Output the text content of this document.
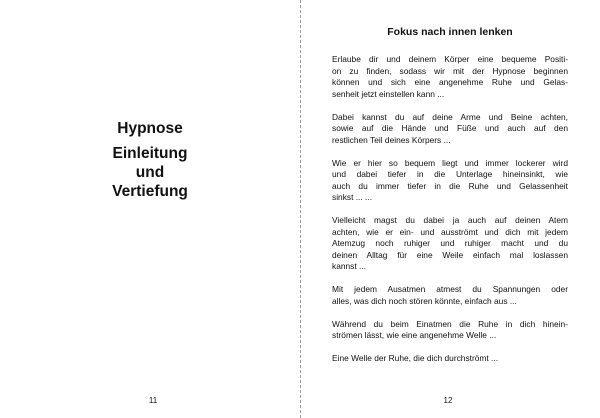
Hypnose
Einleitung
und
Vertiefung
11
Fokus nach innen lenken

Erlaube dir und deinem Körper eine bequeme Positi-
on zu finden, sodass wir mit der Hypnose beginnen
können und sich eine angenehme Ruhe und Gelas-
senheit jetzt einstellen kann ...

Dabei kannst du auf deine Arme und Beine achten,
sowie auf die Hände und Füße und auch auf den
restlichen Teil deines Körpers ...

Wie er hier so bequem liegt und immer lockerer wird
und dabei tiefer in die Unterlage hineinsinkt, wie
auch du immer tiefer in die Ruhe und Gelassenheit
sinkst ... ...

Vielleicht magst du dabei ja auch auf deinen Atem
achten, wie er ein- und ausströmt und dich mit jedem
Atemzug noch ruhiger und ruhiger macht und du
deinen Alltag für eine Weile einfach mal loslassen
kannst ...

Mit jedem Ausatmen atmest du Spannungen oder
alles, was dich noch stören könnte, einfach aus ...

Während du beim Einatmen die Ruhe in dich hinein-
strömen lässt, wie eine angenehme Welle ...

Eine Welle der Ruhe, die dich durchströmt ...

12
